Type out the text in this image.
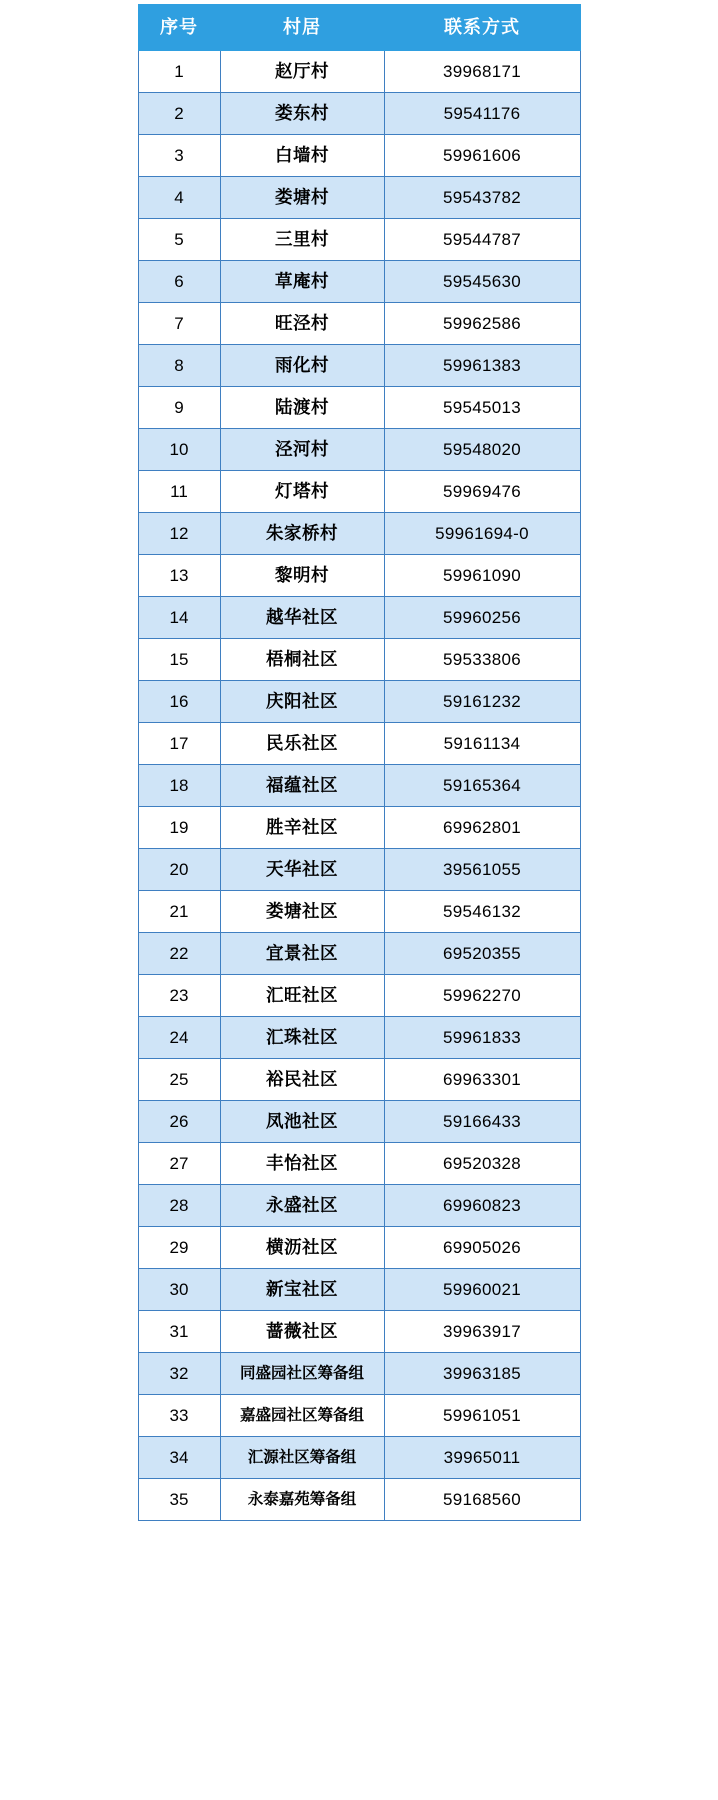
序号	村居	联系方式
1	赵厅村	39968171
2	娄东村	59541176
3	白墙村	59961606
4	娄塘村	59543782
5	三里村	59544787
6	草庵村	59545630
7	旺泾村	59962586
8	雨化村	59961383
9	陆渡村	59545013
10	泾河村	59548020
11	灯塔村	59969476
12	朱家桥村	59961694-0
13	黎明村	59961090
14	越华社区	59960256
15	梧桐社区	59533806
16	庆阳社区	59161232
17	民乐社区	59161134
18	福蕴社区	59165364
19	胜辛社区	69962801
20	天华社区	39561055
21	娄塘社区	59546132
22	宜景社区	69520355
23	汇旺社区	59962270
24	汇珠社区	59961833
25	裕民社区	69963301
26	凤池社区	59166433
27	丰怡社区	69520328
28	永盛社区	69960823
29	横沥社区	69905026
30	新宝社区	59960021
31	蔷薇社区	39963917
32	同盛园社区筹备组	39963185
33	嘉盛园社区筹备组	59961051
34	汇源社区筹备组	39965011
35	永泰嘉苑筹备组	59168560
